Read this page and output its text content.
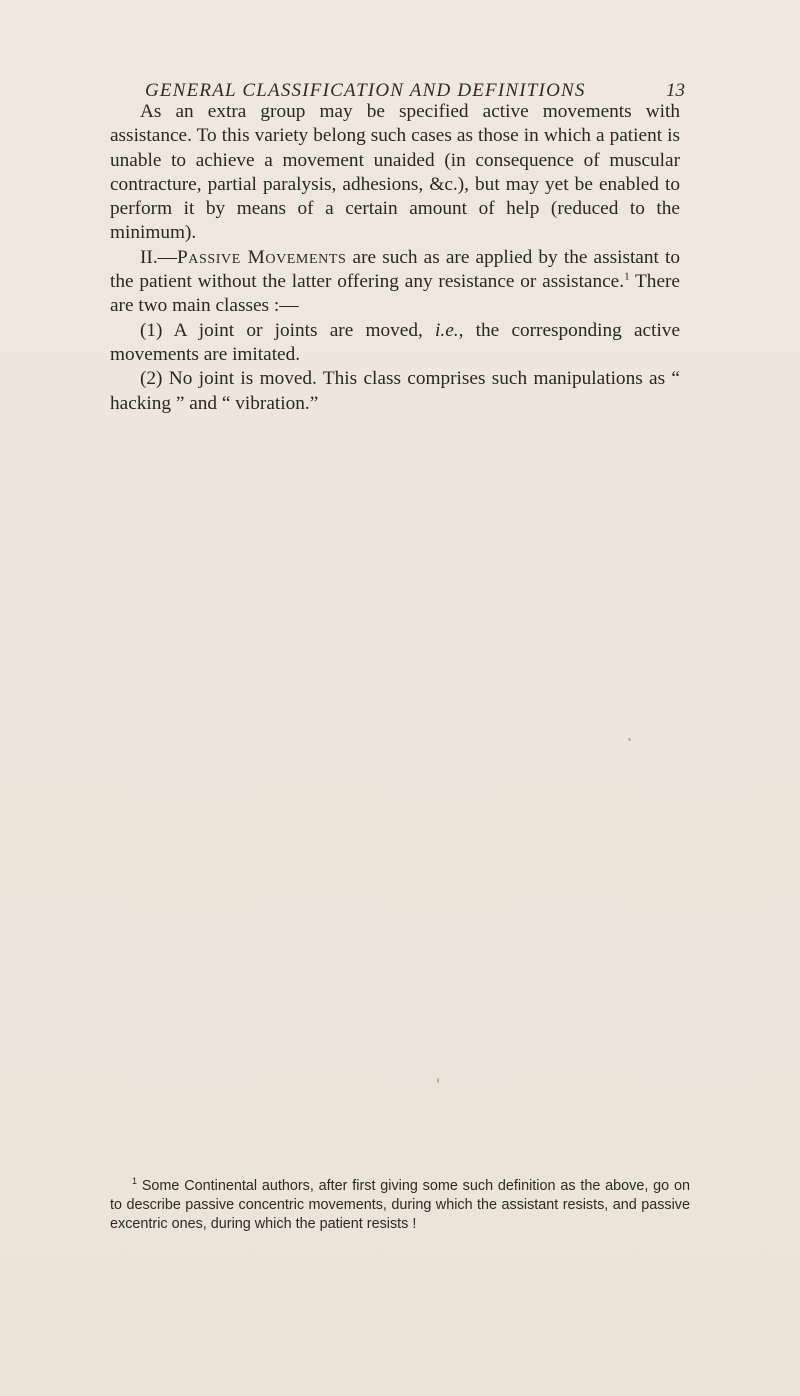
GENERAL CLASSIFICATION AND DEFINITIONS	13

As an extra group may be specified active movements with assistance. To this variety belong such cases as those in which a patient is unable to achieve a movement unaided (in consequence of muscular contracture, partial paralysis, adhesions, &c.), but may yet be enabled to perform it by means of a certain amount of help (reduced to the minimum).

II.—Passive Movements are such as are applied by the assistant to the patient without the latter offering any resistance or assistance.$^1$ There are two main classes :—

(1) A joint or joints are moved, i.e., the corresponding active movements are imitated.

(2) No joint is moved. This class comprises such manipulations as “ hacking ” and “ vibration.”

$^1$ Some Continental authors, after first giving some such definition as the above, go on to describe passive concentric movements, during which the assistant resists, and passive excentric ones, during which the patient resists !
